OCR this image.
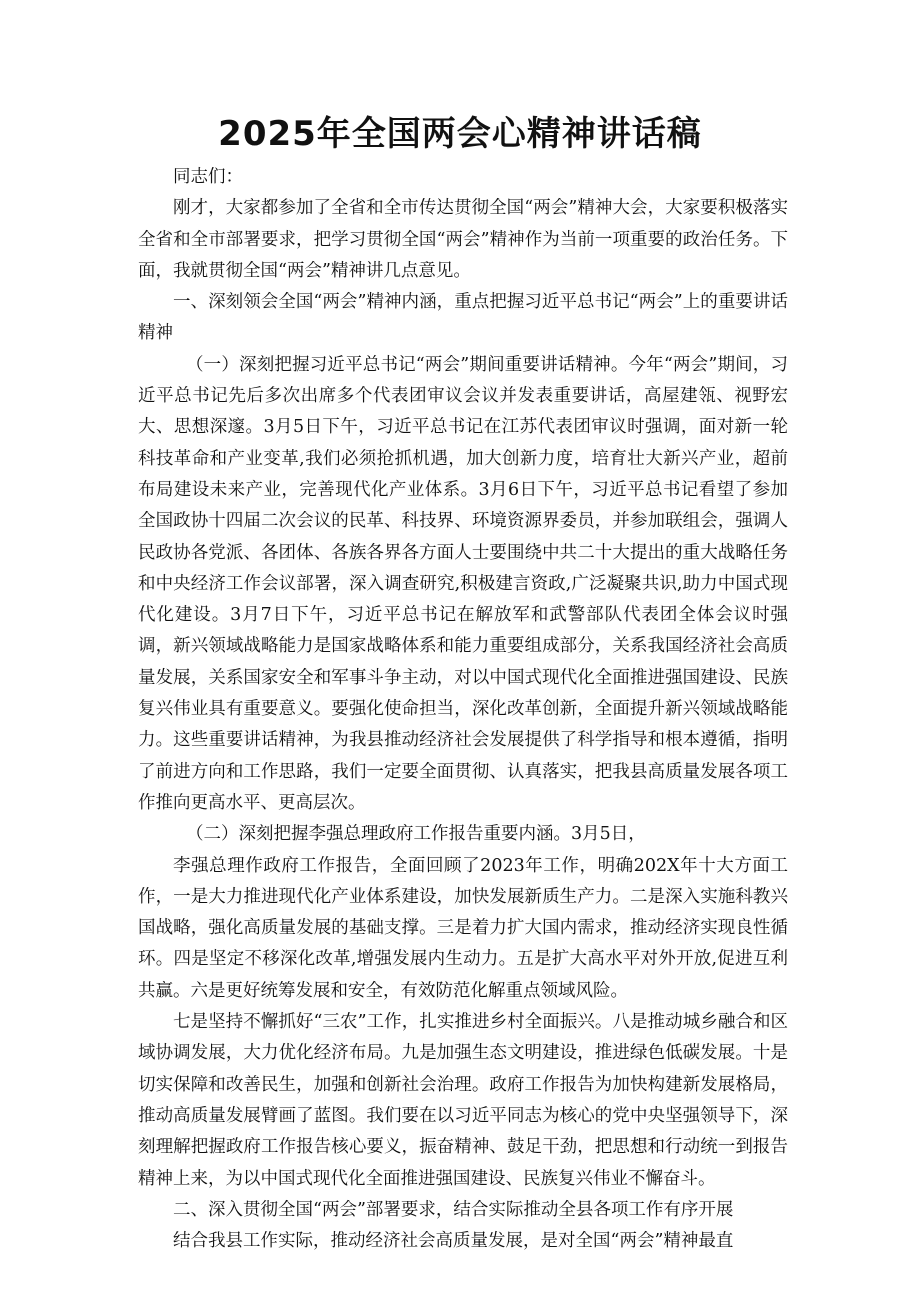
2025年全国两会心精神讲话稿

同志们：

刚才，大家都参加了全省和全市传达贯彻全国“两会”精神大会，大家要积极落实全省和全市部署要求，把学习贯彻全国“两会”精神作为当前一项重要的政治任务。下面，我就贯彻全国“两会”精神讲几点意见。

一、深刻领会全国“两会”精神内涵，重点把握习近平总书记“两会”上的重要讲话精神

（一）深刻把握习近平总书记“两会”期间重要讲话精神。今年“两会”期间，习近平总书记先后多次出席多个代表团审议会议并发表重要讲话，高屋建瓴、视野宏大、思想深邃。3月5日下午，习近平总书记在江苏代表团审议时强调，面对新一轮科技革命和产业变革,我们必须抢抓机遇，加大创新力度，培育壮大新兴产业，超前布局建设未来产业，完善现代化产业体系。3月6日下午，习近平总书记看望了参加全国政协十四届二次会议的民革、科技界、环境资源界委员，并参加联组会，强调人民政协各党派、各团体、各族各界各方面人士要围绕中共二十大提出的重大战略任务和中央经济工作会议部署，深入调查研究,积极建言资政,广泛凝聚共识,助力中国式现代化建设。3月7日下午，习近平总书记在解放军和武警部队代表团全体会议时强调，新兴领域战略能力是国家战略体系和能力重要组成部分，关系我国经济社会高质量发展，关系国家安全和军事斗争主动，对以中国式现代化全面推进强国建设、民族复兴伟业具有重要意义。要强化使命担当，深化改革创新，全面提升新兴领域战略能力。这些重要讲话精神，为我县推动经济社会发展提供了科学指导和根本遵循，指明了前进方向和工作思路，我们一定要全面贯彻、认真落实，把我县高质量发展各项工作推向更高水平、更高层次。

（二）深刻把握李强总理政府工作报告重要内涵。3月5日，

李强总理作政府工作报告，全面回顾了2023年工作，明确202X年十大方面工作，一是大力推进现代化产业体系建设，加快发展新质生产力。二是深入实施科教兴国战略，强化高质量发展的基础支撑。三是着力扩大国内需求，推动经济实现良性循环。四是坚定不移深化改革,增强发展内生动力。五是扩大高水平对外开放,促进互利共赢。六是更好统筹发展和安全，有效防范化解重点领域风险。

七是坚持不懈抓好“三农”工作，扎实推进乡村全面振兴。八是推动城乡融合和区域协调发展，大力优化经济布局。九是加强生态文明建设，推进绿色低碳发展。十是切实保障和改善民生，加强和创新社会治理。政府工作报告为加快构建新发展格局，推动高质量发展臂画了蓝图。我们要在以习近平同志为核心的党中央坚强领导下，深刻理解把握政府工作报告核心要义，振奋精神、鼓足干劲，把思想和行动统一到报告精神上来，为以中国式现代化全面推进强国建设、民族复兴伟业不懈奋斗。

二、深入贯彻全国“两会”部署要求，结合实际推动全县各项工作有序开展

结合我县工作实际，推动经济社会高质量发展，是对全国“两会”精神最直
